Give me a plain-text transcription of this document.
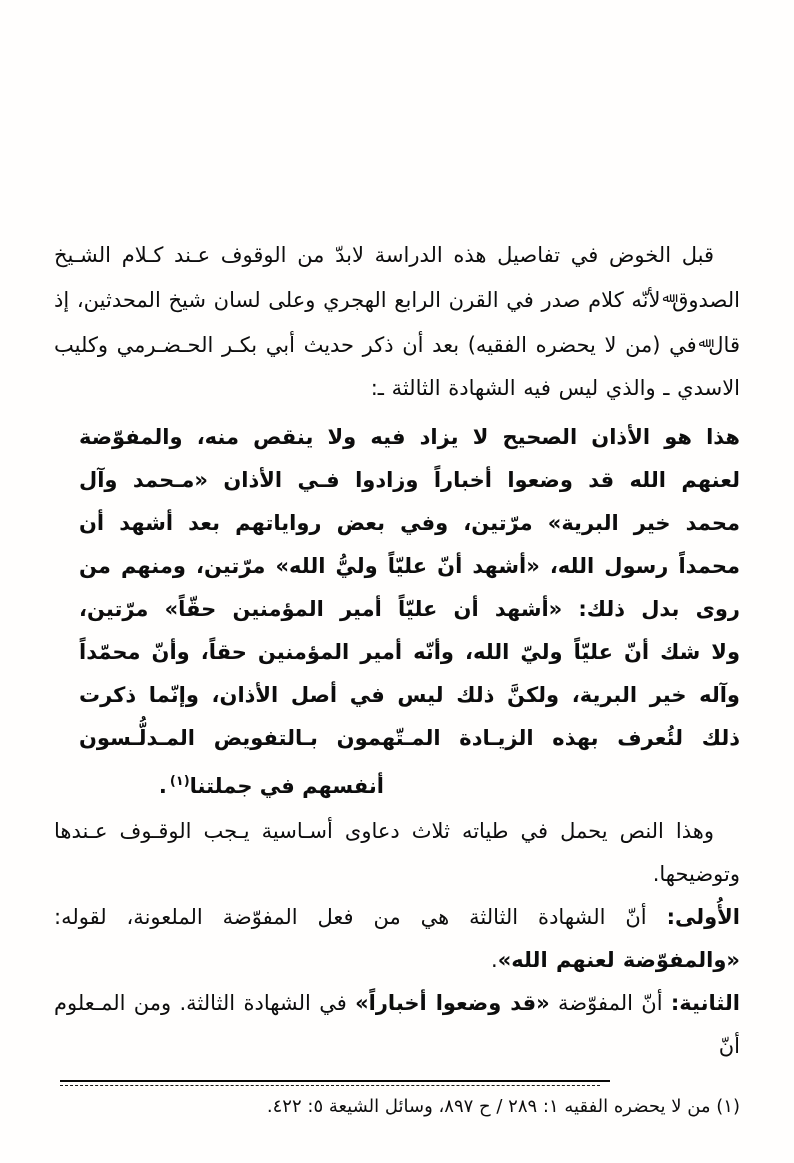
قبل الخوض في تفاصيل هذه الدراسة لابدّ من الوقوف عـند كـلام الشـيخ الصدوق$^ﷲ$لأنّه كلام صدر في القرن الرابع الهجري وعلى لسان شيخ المحدثين، إذ قال$^ﷲ$في (من لا يحضره الفقيه) بعد أن ذكر حديث أبي بكـر الحـضـرمي وكليب الاسدي ـ والذي ليس فيه الشهادة الثالثة ـ:

هذا هو الأذان الصحيح لا يزاد فيه ولا ينقص منه، والمفوّضة
لعنهم الله قد وضعوا أخباراً وزادوا فـي الأذان «مـحمد وآل
محمد خير البرية» مرّتين، وفي بعض رواياتهم بعد أشهد أن
محمداً رسول الله، «أشهد أنّ عليّاً وليُّ الله» مرّتين، ومنهم من
روى بدل ذلك: «أشهد أن عليّاً أمير المؤمنين حقّاً» مرّتين،
ولا شك أنّ عليّاً وليّ الله، وأنّه أمير المؤمنين حقاً، وأنّ محمّداً
وآله خير البرية، ولكنَّ ذلك ليس في أصل الأذان، وإنّما ذكرت
ذلك لئُعرف بهذه الزيـادة المـتّهمون بـالتفويض المـدلُّـسون
أنفسهم في جملتنا$^{(١)}$.

وهذا النص يحمل في طياته ثلاث دعاوى أسـاسية يـجب الوقـوف عـندها وتوضيحها.

الأُولى: أنّ الشهادة الثالثة هي من فعل المفوّضة الملعونة، لقوله: «والمفوّضة لعنهم الله».

الثانية: أنّ المفوّضة «قد وضعوا أخباراً» في الشهادة الثالثة. ومن المـعلوم أنّ

(١) من لا يحضره الفقيه ١: ٢٨٩ / ح ٨٩٧، وسائل الشيعة ٥: ٤٢٢.
